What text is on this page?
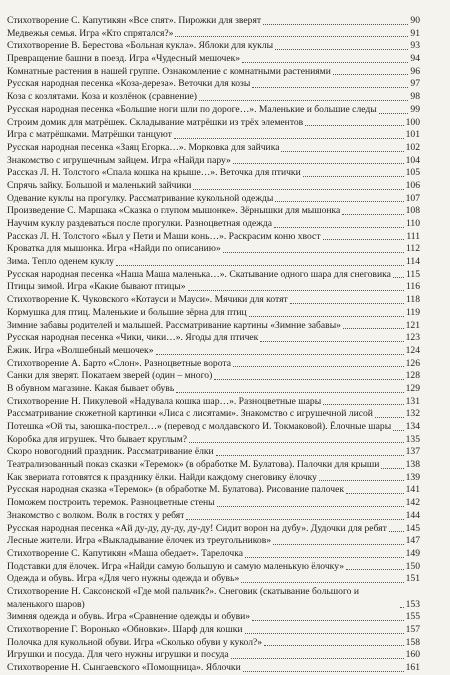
Стихотворение С. Капутикян «Все спят». Пирожки для зверят	90
Медвежья семья. Игра «Кто спрятался?»	91
Стихотворение В. Берестова «Больная кукла». Яблоки для куклы	93
Превращение башни в поезд. Игра «Чудесный мешочек»	94
Комнатные растения в нашей группе. Ознакомление с комнатными растениями	96
Русская народная песенка «Коза-дереза». Веточки для козы	97
Коза с козлятами. Коза и козлёнок (сравнение)	98
Русская народная песенка «Большие ноги шли по дороге…». Маленькие и большие следы	99
Строим домик для матрёшек. Складывание матрёшки из трёх элементов	100
Игра с матрёшками. Матрёшки танцуют	101
Русская народная песенка «Заяц Егорка…». Морковка для зайчика	102
Знакомство с игрушечным зайцем. Игра «Найди пару»	104
Рассказ Л. Н. Толстого «Спала кошка на крыше…». Веточка для птички	105
Спрячь зайку. Большой и маленький зайчики	106
Одевание куклы на прогулку. Рассматривание кукольной одежды	107
Произведение С. Маршака «Сказка о глупом мышонке». Зёрнышки для мышонка	108
Научим куклу раздеваться после прогулки. Разноцветная одежда	110
Рассказ Л. Н. Толстого «Был у Пети и Маши конь…». Раскрасим коню хвост	111
Кроватка для мышонка. Игра «Найди по описанию»	112
Зима. Тепло оденем куклу	114
Русская народная песенка «Наша Маша маленька…». Скатывание одного шара для снеговика 115
Птицы зимой. Игра «Какие бывают птицы»	116
Стихотворение К. Чуковского «Котауси и Мауси». Мячики для котят	118
Кормушка для птиц. Маленькие и большие зёрна для птиц	119
Зимние забавы родителей и малышей. Рассматривание картины «Зимние забавы»	121
Русская народная песенка «Чики, чики…». Ягоды для птичек	123
Ёжик. Игра «Волшебный мешочек»	124
Стихотворение А. Барто «Слон». Разноцветные ворота	126
Санки для зверят. Покатаем зверей (один – много)	128
В обувном магазине. Какая бывает обувь	129
Стихотворение Н. Пикулевой «Надувала кошка шар…». Разноцветные шары	131
Рассматривание сюжетной картинки «Лиса с лисятами». Знакомство с игрушечной лисой	132
Потешка «Ой ты, заюшка-пострел…» (перевод с молдавского И. Токмаковой). Ёлочные шары 134
Коробка для игрушек. Что бывает круглым?	135
Скоро новогодний праздник. Рассматривание ёлки	137
Театрализованный показ сказки «Теремок» (в обработке М. Булатова). Палочки для крыши	138
Как звериата готовятся к празднику ёлки. Найди каждому снеговику ёлочку	139
Русская народная сказка «Теремок» (в обработке М. Булатова). Рисование палочек	141
Поможем построить теремок. Разноцветные стены	142
Знакомство с волком. Волк в гостях у ребят	144
Русская народная песенка «Ай ду-ду, ду-ду, ду-ду! Сидит ворон на дубу». Дудочки для ребят 145
Лесные жители. Игра «Выкладывание ёлочек из треугольников»	147
Стихотворение С. Капутикян «Маша обедает». Тарелочка	149
Подставки для ёлочек. Игра «Найди самую большую и самую маленькую ёлочку»	150
Одежда и обувь. Игра «Для чего нужны одежда и обувь»	151
Стихотворение Н. Саксонской «Где мой пальчик?». Снеговик (скатывание большого и маленького шаров)	153
Зимняя одежда и обувь. Игра «Сравнение одежды и обуви»	155
Стихотворение Г. Воронько «Обновки». Шарф для кошки	157
Полочка для кукольной обуви. Игра «Сколько обуви у кукол?»	158
Игрушки и посуда. Для чего нужны игрушки и посуда	160
Стихотворение Н. Сынгаевского «Помощница». Яблочки	161
